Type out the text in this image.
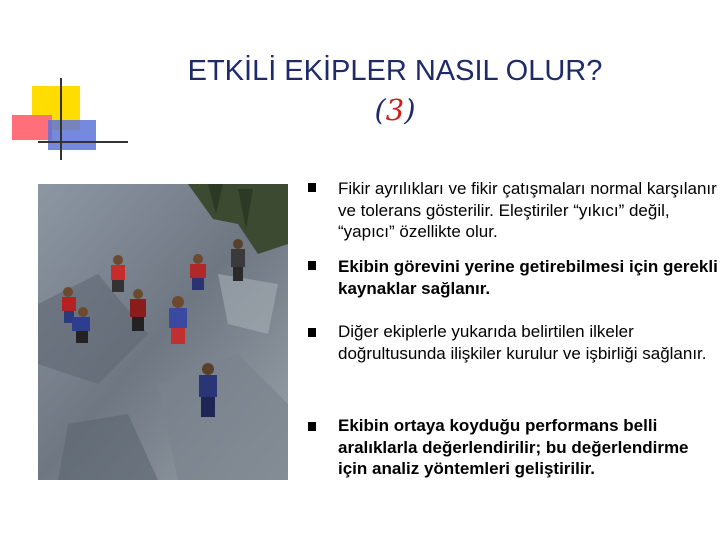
ETKİLİ EKİPLER NASIL OLUR?
(3)
Fikir ayrılıkları ve fikir çatışmaları normal karşılanır ve tolerans gösterilir. Eleştiriler “yıkıcı” değil, “yapıcı” özellikte olur.
Ekibin görevini yerine getirebilmesi için gerekli kaynaklar sağlanır.
Diğer ekiplerle yukarıda belirtilen ilkeler doğrultusunda ilişkiler kurulur ve işbirliği sağlanır.
Ekibin ortaya koyduğu performans belli aralıklarla değerlendirilir; bu değerlendirme için analiz yöntemleri geliştirilir.
